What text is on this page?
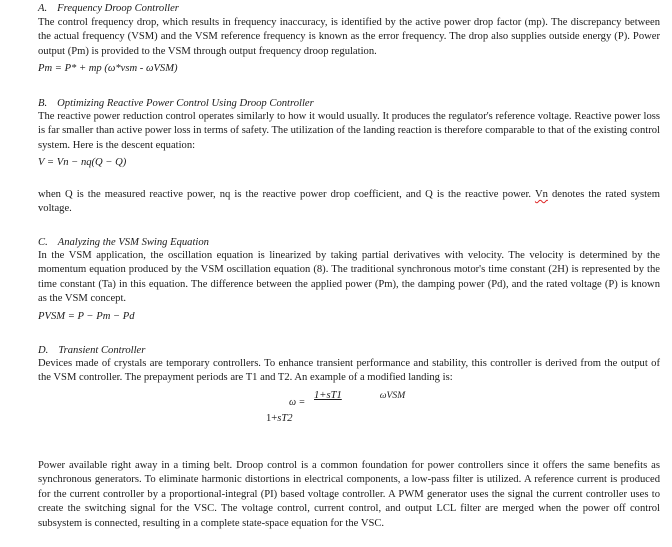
A. Frequency Droop Controller
The control frequency drop, which results in frequency inaccuracy, is identified by the active power drop factor (mp). The discrepancy between the actual frequency (VSM) and the VSM reference frequency is known as the error frequency. The drop also supplies outside energy (P). Power output (Pm) is provided to the VSM through output frequency droop regulation.
Pm = P* + mp (ω*vsm - ωVSM)
B. Optimizing Reactive Power Control Using Droop Controller
The reactive power reduction control operates similarly to how it would usually. It produces the regulator's reference voltage. Reactive power loss is far smaller than active power loss in terms of safety. The utilization of the landing reaction is therefore comparable to that of the existing control system. Here is the descent equation:
V = Vn − nq(Q − Q)
when Q is the measured reactive power, nq is the reactive power drop coefficient, and Q is the reactive power. Vn denotes the rated system voltage.
C. Analyzing the VSM Swing Equation
In the VSM application, the oscillation equation is linearized by taking partial derivatives with velocity. The velocity is determined by the momentum equation produced by the VSM oscillation equation (8). The traditional synchronous motor's time constant (2H) is represented by the time constant (Ta) in this equation. The difference between the applied power (Pm), the damping power (Pd), and the rated voltage (P) is known as the VSM concept.
PVSM = P − Pm − Pd
D. Transient Controller
Devices made of crystals are temporary controllers. To enhance transient performance and stability, this controller is derived from the output of the VSM controller. The prepayment periods are T1 and T2. An example of a modified landing is:
ω =
1+sT1	ωVSM
1+sT2
Power available right away in a timing belt. Droop control is a common foundation for power controllers since it offers the same benefits as synchronous generators. To eliminate harmonic distortions in electrical components, a low-pass filter is utilized. A reference current is produced for the current controller by a proportional-integral (PI) based voltage controller. A PWM generator uses the signal the current controller uses to create the switching signal for the VSC. The voltage control, current control, and output LCL filter are merged when the power off control subsystem is connected, resulting in a complete state-space equation for the VSC.
